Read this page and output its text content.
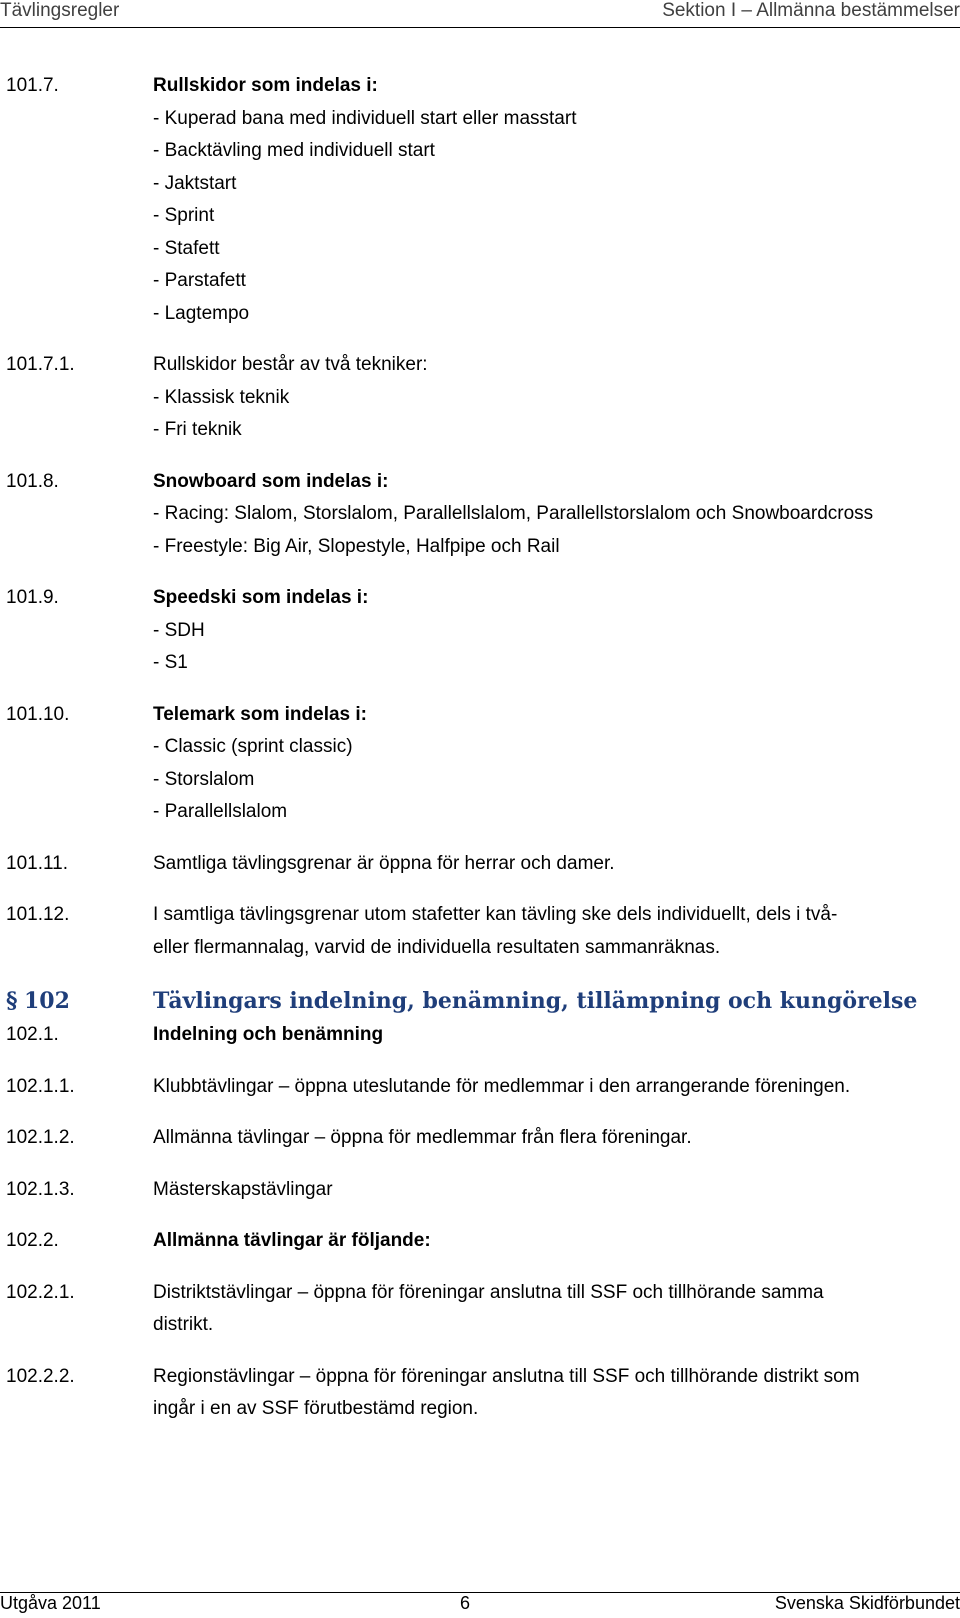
Tävlingsregler	Sektion I – Allmänna bestämmelser
101.7.	Rullskidor som indelas i:
- Kuperad bana med individuell start eller masstart
- Backtävling med individuell start
- Jaktstart
- Sprint
- Stafett
- Parstafett
- Lagtempo
101.7.1.	Rullskidor består av två tekniker:
- Klassisk teknik
- Fri teknik
101.8.	Snowboard som indelas i:
- Racing: Slalom, Storslalom, Parallellslalom, Parallellstorslalom och Snowboardcross
- Freestyle: Big Air, Slopestyle, Halfpipe och Rail
101.9.	Speedski som indelas i:
- SDH
- S1
101.10.	Telemark som indelas i:
- Classic (sprint classic)
- Storslalom
- Parallellslalom
101.11.	Samtliga tävlingsgrenar är öppna för herrar och damer.
101.12.	I samtliga tävlingsgrenar utom stafetter kan tävling ske dels individuellt, dels i två-
eller flermannalag, varvid de individuella resultaten sammanräknas.
§ 102	Tävlingars indelning, benämning, tillämpning och kungörelse
102.1.	Indelning och benämning
102.1.1.	Klubbtävlingar – öppna uteslutande för medlemmar i den arrangerande föreningen.
102.1.2.	Allmänna tävlingar – öppna för medlemmar från flera föreningar.
102.1.3.	Mästerskapstävlingar
102.2.	Allmänna tävlingar är följande:
102.2.1.	Distriktstävlingar – öppna för föreningar anslutna till SSF och tillhörande samma
distrikt.
102.2.2.	Regionstävlingar – öppna för föreningar anslutna till SSF och tillhörande distrikt som
ingår i en av SSF förutbestämd region.
Utgåva 2011	6	Svenska Skidförbundet
